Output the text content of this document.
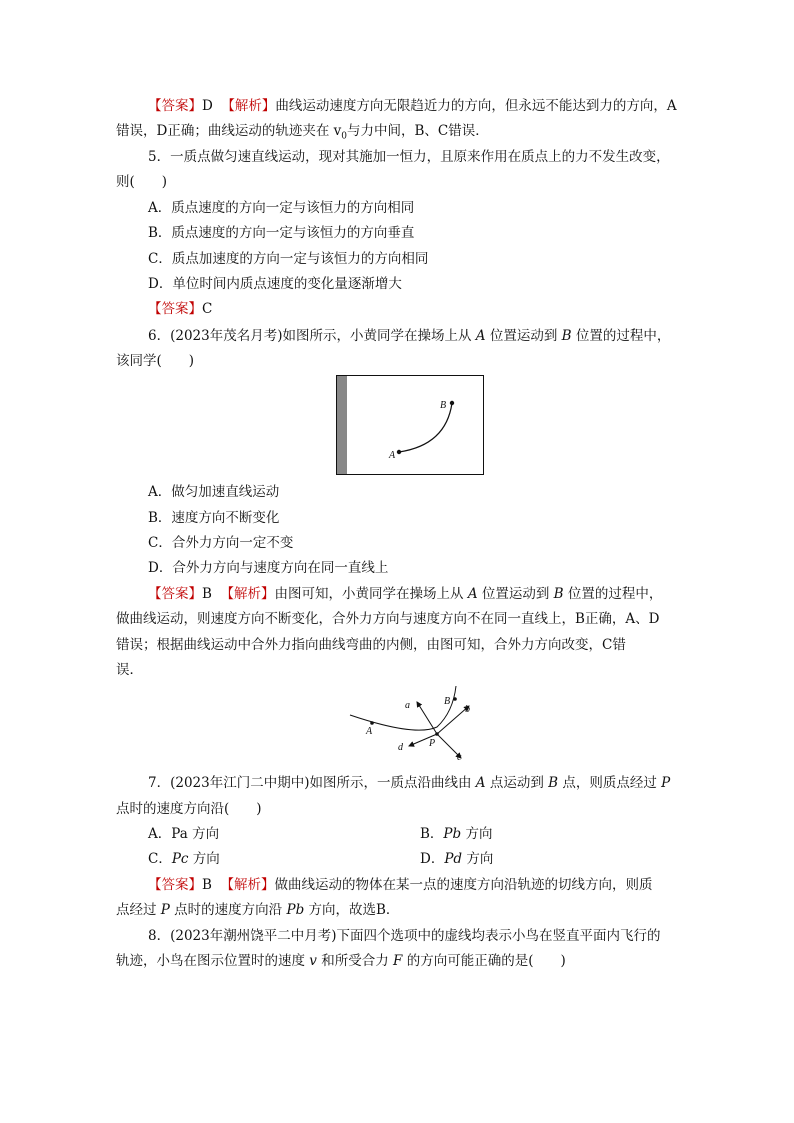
【答案】D 【解析】曲线运动速度方向无限趋近力的方向，但永远不能达到力的方向，A
错误，D正确；曲线运动的轨迹夹在 $v_0$与力中间，B、C错误．
5．一质点做匀速直线运动，现对其施加一恒力，且原来作用在质点上的力不发生改变，
则(　　)
A．质点速度的方向一定与该恒力的方向相同
B．质点速度的方向一定与该恒力的方向垂直
C．质点加速度的方向一定与该恒力的方向相同
D．单位时间内质点速度的变化量逐渐增大
【答案】C
6．(2023年茂名月考)如图所示，小黄同学在操场上从 A 位置运动到 B 位置的过程中，
该同学(　　)
A
B
A．做匀加速直线运动
B．速度方向不断变化
C．合外力方向一定不变
D．合外力方向与速度方向在同一直线上
【答案】B 【解析】由图可知，小黄同学在操场上从 A 位置运动到 B 位置的过程中，
做曲线运动，则速度方向不断变化，合外力方向与速度方向不在同一直线上，B正确，A、D
错误；根据曲线运动中合外力指向曲线弯曲的内侧，由图可知，合外力方向改变，C错
误．
a	b
c
d
A
B
P
7．(2023年江门二中期中)如图所示，一质点沿曲线由 A 点运动到 B 点，则质点经过 P
点时的速度方向沿(　　)
A．Pa 方向	B．Pb 方向
C．Pc 方向	D．Pd 方向
【答案】B 【解析】做曲线运动的物体在某一点的速度方向沿轨迹的切线方向，则质
点经过 P 点时的速度方向沿 Pb 方向，故选B．
8．(2023年潮州饶平二中月考)下面四个选项中的虚线均表示小鸟在竖直平面内飞行的
轨迹，小鸟在图示位置时的速度 v 和所受合力 F 的方向可能正确的是(　　)
